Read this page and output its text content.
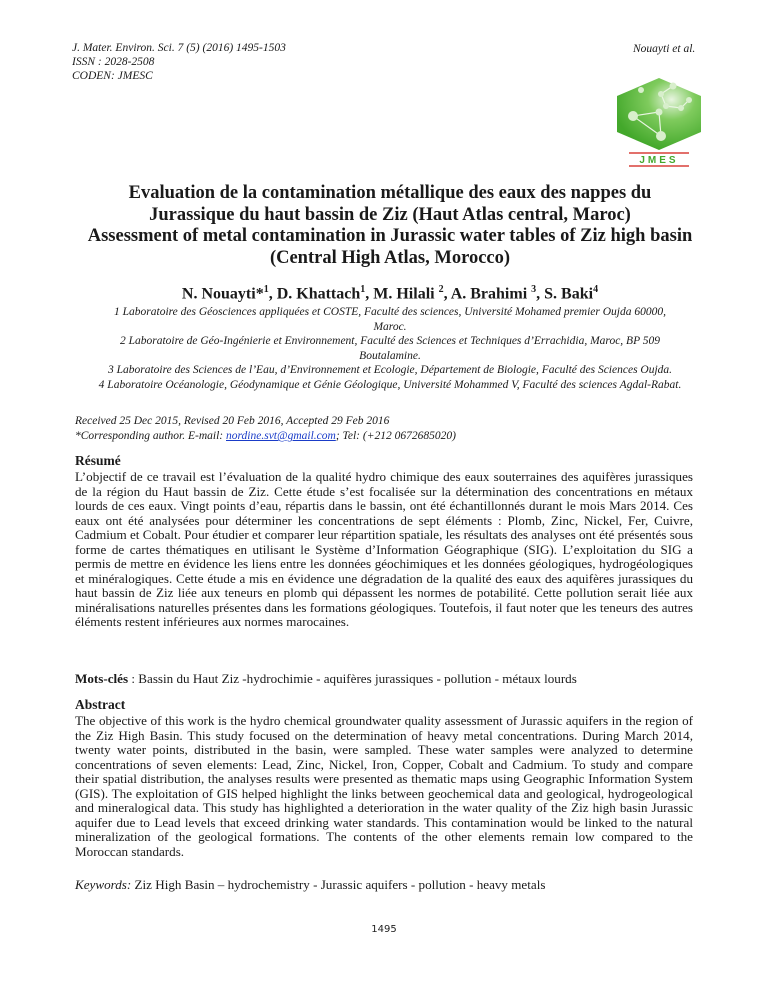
J. Mater. Environ. Sci. 7 (5) (2016) 1495-1503
ISSN : 2028-2508
CODEN: JMESC
Nouayti et al.
JMES
Evaluation de la contamination métallique des eaux des nappes du
Jurassique du haut bassin de Ziz (Haut Atlas central, Maroc)
Assessment of metal contamination in Jurassic water tables of Ziz high basin
(Central High Atlas, Morocco)
N. Nouayti*$^1$, D. Khattach$^1$, M. Hilali $^2$, A. Brahimi $^3$, S. Baki$^4$
1 Laboratoire des Géosciences appliquées et COSTE, Faculté des sciences, Université Mohamed premier Oujda 60000, Maroc.
2 Laboratoire de Géo-Ingénierie et Environnement, Faculté des Sciences et Techniques d’Errachidia, Maroc, BP 509 Boutalamine.
3 Laboratoire des Sciences de l’Eau, d’Environnement et Ecologie, Département de Biologie, Faculté des Sciences Oujda.
4 Laboratoire Océanologie, Géodynamique et Génie Géologique, Université Mohammed V, Faculté des sciences Agdal-Rabat.
Received 25 Dec 2015, Revised 20 Feb 2016, Accepted 29 Feb 2016
*Corresponding author. E-mail: nordine.svt@gmail.com; Tel: (+212 0672685020)
Résumé
L’objectif de ce travail est l’évaluation de la qualité hydro chimique des eaux souterraines des aquifères jurassiques de la région du Haut bassin de Ziz. Cette étude s’est focalisée sur la détermination des concentrations en métaux lourds de ces eaux. Vingt points d’eau, répartis dans le bassin, ont été échantillonnés durant le mois Mars 2014. Ces eaux ont été analysées pour déterminer les concentrations de sept éléments : Plomb, Zinc, Nickel, Fer, Cuivre, Cadmium et Cobalt. Pour étudier et comparer leur répartition spatiale, les résultats des analyses ont été présentés sous forme de cartes thématiques en utilisant le Système d’Information Géographique (SIG). L’exploitation du SIG a permis de mettre en évidence les liens entre les données géochimiques et les données géologiques, hydrogéologiques et minéralogiques. Cette étude a mis en évidence une dégradation de la qualité des eaux des aquifères jurassiques du haut bassin de Ziz liée aux teneurs en plomb qui dépassent les normes de potabilité. Cette pollution serait liée aux minéralisations naturelles présentes dans les formations géologiques. Toutefois, il faut noter que les teneurs des autres éléments restent inférieures aux normes marocaines.
Mots-clés : Bassin du Haut Ziz -hydrochimie - aquifères jurassiques - pollution - métaux lourds
Abstract
The objective of this work is the hydro chemical groundwater quality assessment of Jurassic aquifers in the region of the Ziz High Basin. This study focused on the determination of heavy metal concentrations. During March 2014, twenty water points, distributed in the basin, were sampled. These water samples were analyzed to determine concentrations of seven elements: Lead, Zinc, Nickel, Iron, Copper, Cobalt and Cadmium. To study and compare their spatial distribution, the analyses results were presented as thematic maps using Geographic Information System (GIS). The exploitation of GIS helped highlight the links between geochemical data and geological, hydrogeological and mineralogical data. This study has highlighted a deterioration in the water quality of the Ziz high basin Jurassic aquifer due to Lead levels that exceed drinking water standards. This contamination would be linked to the natural mineralization of the geological formations. The contents of the other elements remain low compared to the Moroccan standards.
Keywords: Ziz High Basin – hydrochemistry - Jurassic aquifers - pollution - heavy metals
1495
